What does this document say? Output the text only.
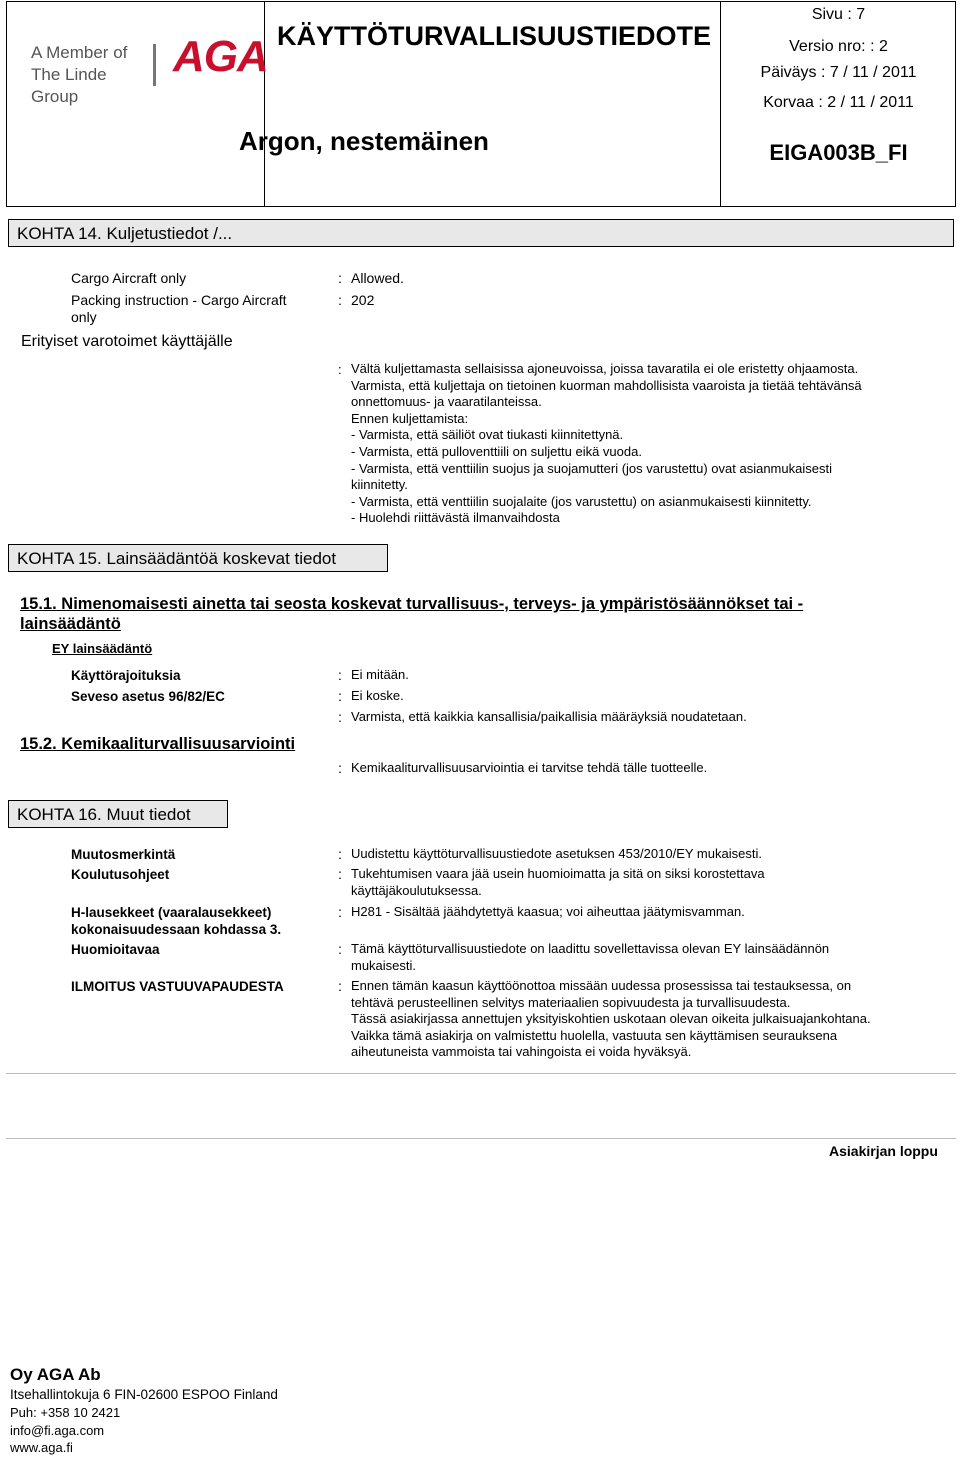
A Member of
The Linde Group
AGA KÄYTTÖTURVALLISUUSTIEDOTE
Argon, nestemäinen
Sivu : 7
Versio nro: : 2
Päiväys : 7 / 11 / 2011
Korvaa : 2 / 11 / 2011
EIGA003B_FI
KOHTA 14. Kuljetustiedot /...
Cargo Aircraft only	: Allowed.
Packing instruction - Cargo Aircraft
only
: 202
Erityiset varotoimet käyttäjälle
: Vältä kuljettamasta sellaisissa ajoneuvoissa, joissa tavaratila ei ole eristetty ohjaamosta.
Varmista, että kuljettaja on tietoinen kuorman mahdollisista vaaroista ja tietää tehtävänsä
onnettomuus- ja vaaratilanteissa.
Ennen kuljettamista:
- Varmista, että säiliöt ovat tiukasti kiinnitettynä.
- Varmista, että pulloventtiili on suljettu eikä vuoda.
- Varmista, että venttiilin suojus ja suojamutteri (jos varustettu) ovat asianmukaisesti
kiinnitetty.
- Varmista, että venttiilin suojalaite (jos varustettu) on asianmukaisesti kiinnitetty.
- Huolehdi riittävästä ilmanvaihdosta
KOHTA 15. Lainsäädäntöä koskevat tiedot
15.1. Nimenomaisesti ainetta tai seosta koskevat turvallisuus-, terveys- ja ympäristösäännökset tai -
lainsäädäntö
EY lainsäädäntö
Käyttörajoituksia	: Ei mitään.
Seveso asetus 96/82/EC	: Ei koske.
: Varmista, että kaikkia kansallisia/paikallisia määräyksiä noudatetaan.
15.2. Kemikaaliturvallisuusarviointi
: Kemikaaliturvallisuusarviointia ei tarvitse tehdä tälle tuotteelle.
KOHTA 16. Muut tiedot
Muutosmerkintä	: Uudistettu käyttöturvallisuustiedote asetuksen 453/2010/EY mukaisesti.
Koulutusohjeet	: Tukehtumisen vaara jää usein huomioimatta ja sitä on siksi korostettava
käyttäjäkoulutuksessa.
H-lausekkeet (vaaralausekkeet)
kokonaisuudessaan kohdassa 3.
: H281 - Sisältää jäähdytettyä kaasua; voi aiheuttaa jäätymisvamman.
Huomioitavaa	: Tämä käyttöturvallisuustiedote on laadittu sovellettavissa olevan EY lainsäädännön
mukaisesti.
ILMOITUS VASTUUVAPAUDESTA	: Ennen tämän kaasun käyttöönottoa missään uudessa prosessissa tai testauksessa, on
tehtävä perusteellinen selvitys materiaalien sopivuudesta ja turvallisuudesta.
Tässä asiakirjassa annettujen yksityiskohtien uskotaan olevan oikeita julkaisuajankohtana.
Vaikka tämä asiakirja on valmistettu huolella, vastuuta sen käyttämisen seurauksena
aiheutuneista vammoista tai vahingoista ei voida hyväksyä.
Asiakirjan loppu
Oy AGA Ab
Itsehallintokuja 6 FIN-02600 ESPOO Finland
Puh: +358 10 2421
info@fi.aga.com
www.aga.fi
